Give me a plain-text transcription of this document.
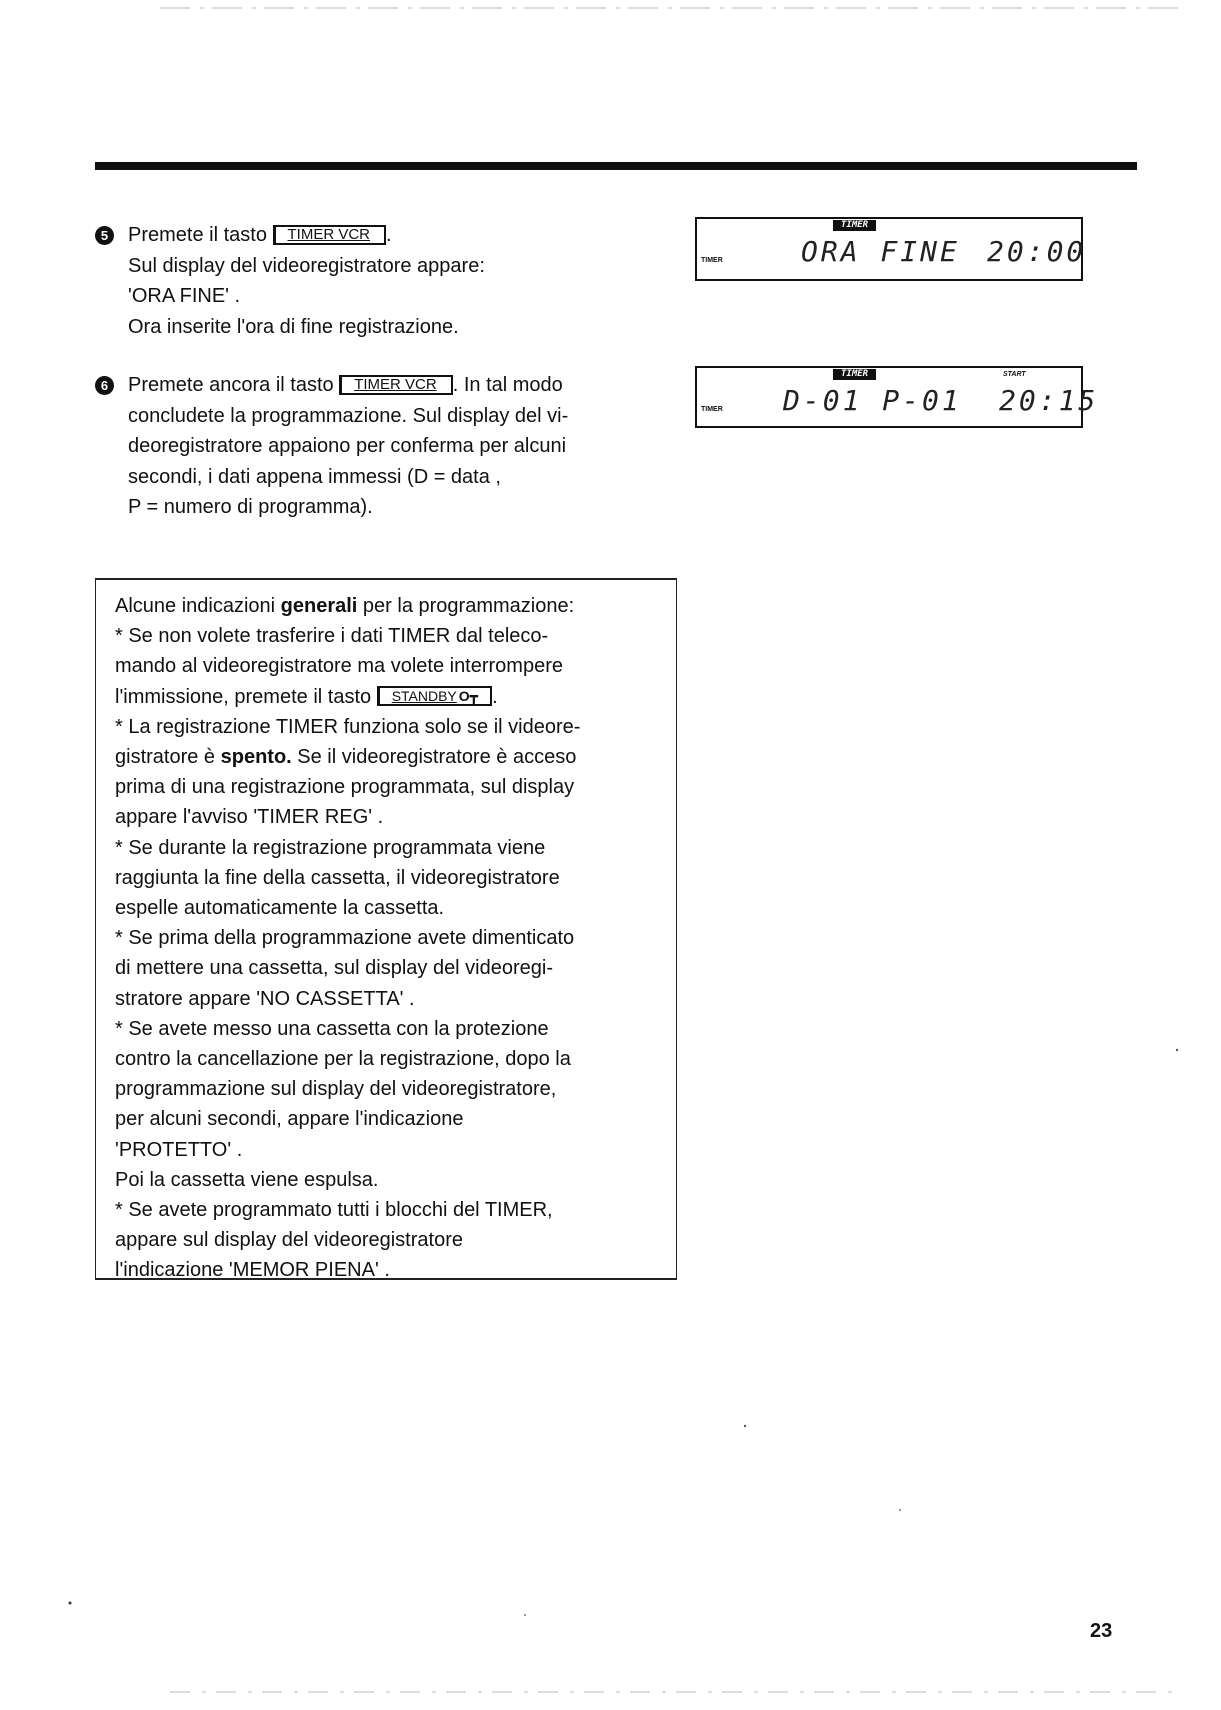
5 Premete il tasto TIMER VCR .

Sul display del videoregistratore appare:

'ORA FINE' .

Ora inserite l'ora di fine registrazione.

6 Premete ancora il tasto TIMER VCR . In tal modo

concludete la programmazione. Sul display del vi-

deoregistratore appaiono per conferma per alcuni

secondi, i dati appena immessi (D = data ,

P = numero di programma).

TIMER
TIMER	ORA FINE 20:00
TIMER	START
TIMER D-01 P-01 20:15

Alcune indicazioni generali per la programmazione:

* Se non volete trasferire i dati TIMER dal teleco-

mando al videoregistratore ma volete interrompere

l'immissione, premete il tasto STANDBY O┳ .

* La registrazione TIMER funziona solo se il videore-

gistratore è spento. Se il videoregistratore è acceso

prima di una registrazione programmata, sul display

appare l'avviso 'TIMER REG' .

* Se durante la registrazione programmata viene

raggiunta la fine della cassetta, il videoregistratore

espelle automaticamente la cassetta.

* Se prima della programmazione avete dimenticato

di mettere una cassetta, sul display del videoregi-

stratore appare 'NO CASSETTA' .

* Se avete messo una cassetta con la protezione

contro la cancellazione per la registrazione, dopo la

programmazione sul display del videoregistratore,

per alcuni secondi, appare l'indicazione

'PROTETTO' .

Poi la cassetta viene espulsa.

* Se avete programmato tutti i blocchi del TIMER,

appare sul display del videoregistratore

l'indicazione 'MEMOR PIENA' .

23
